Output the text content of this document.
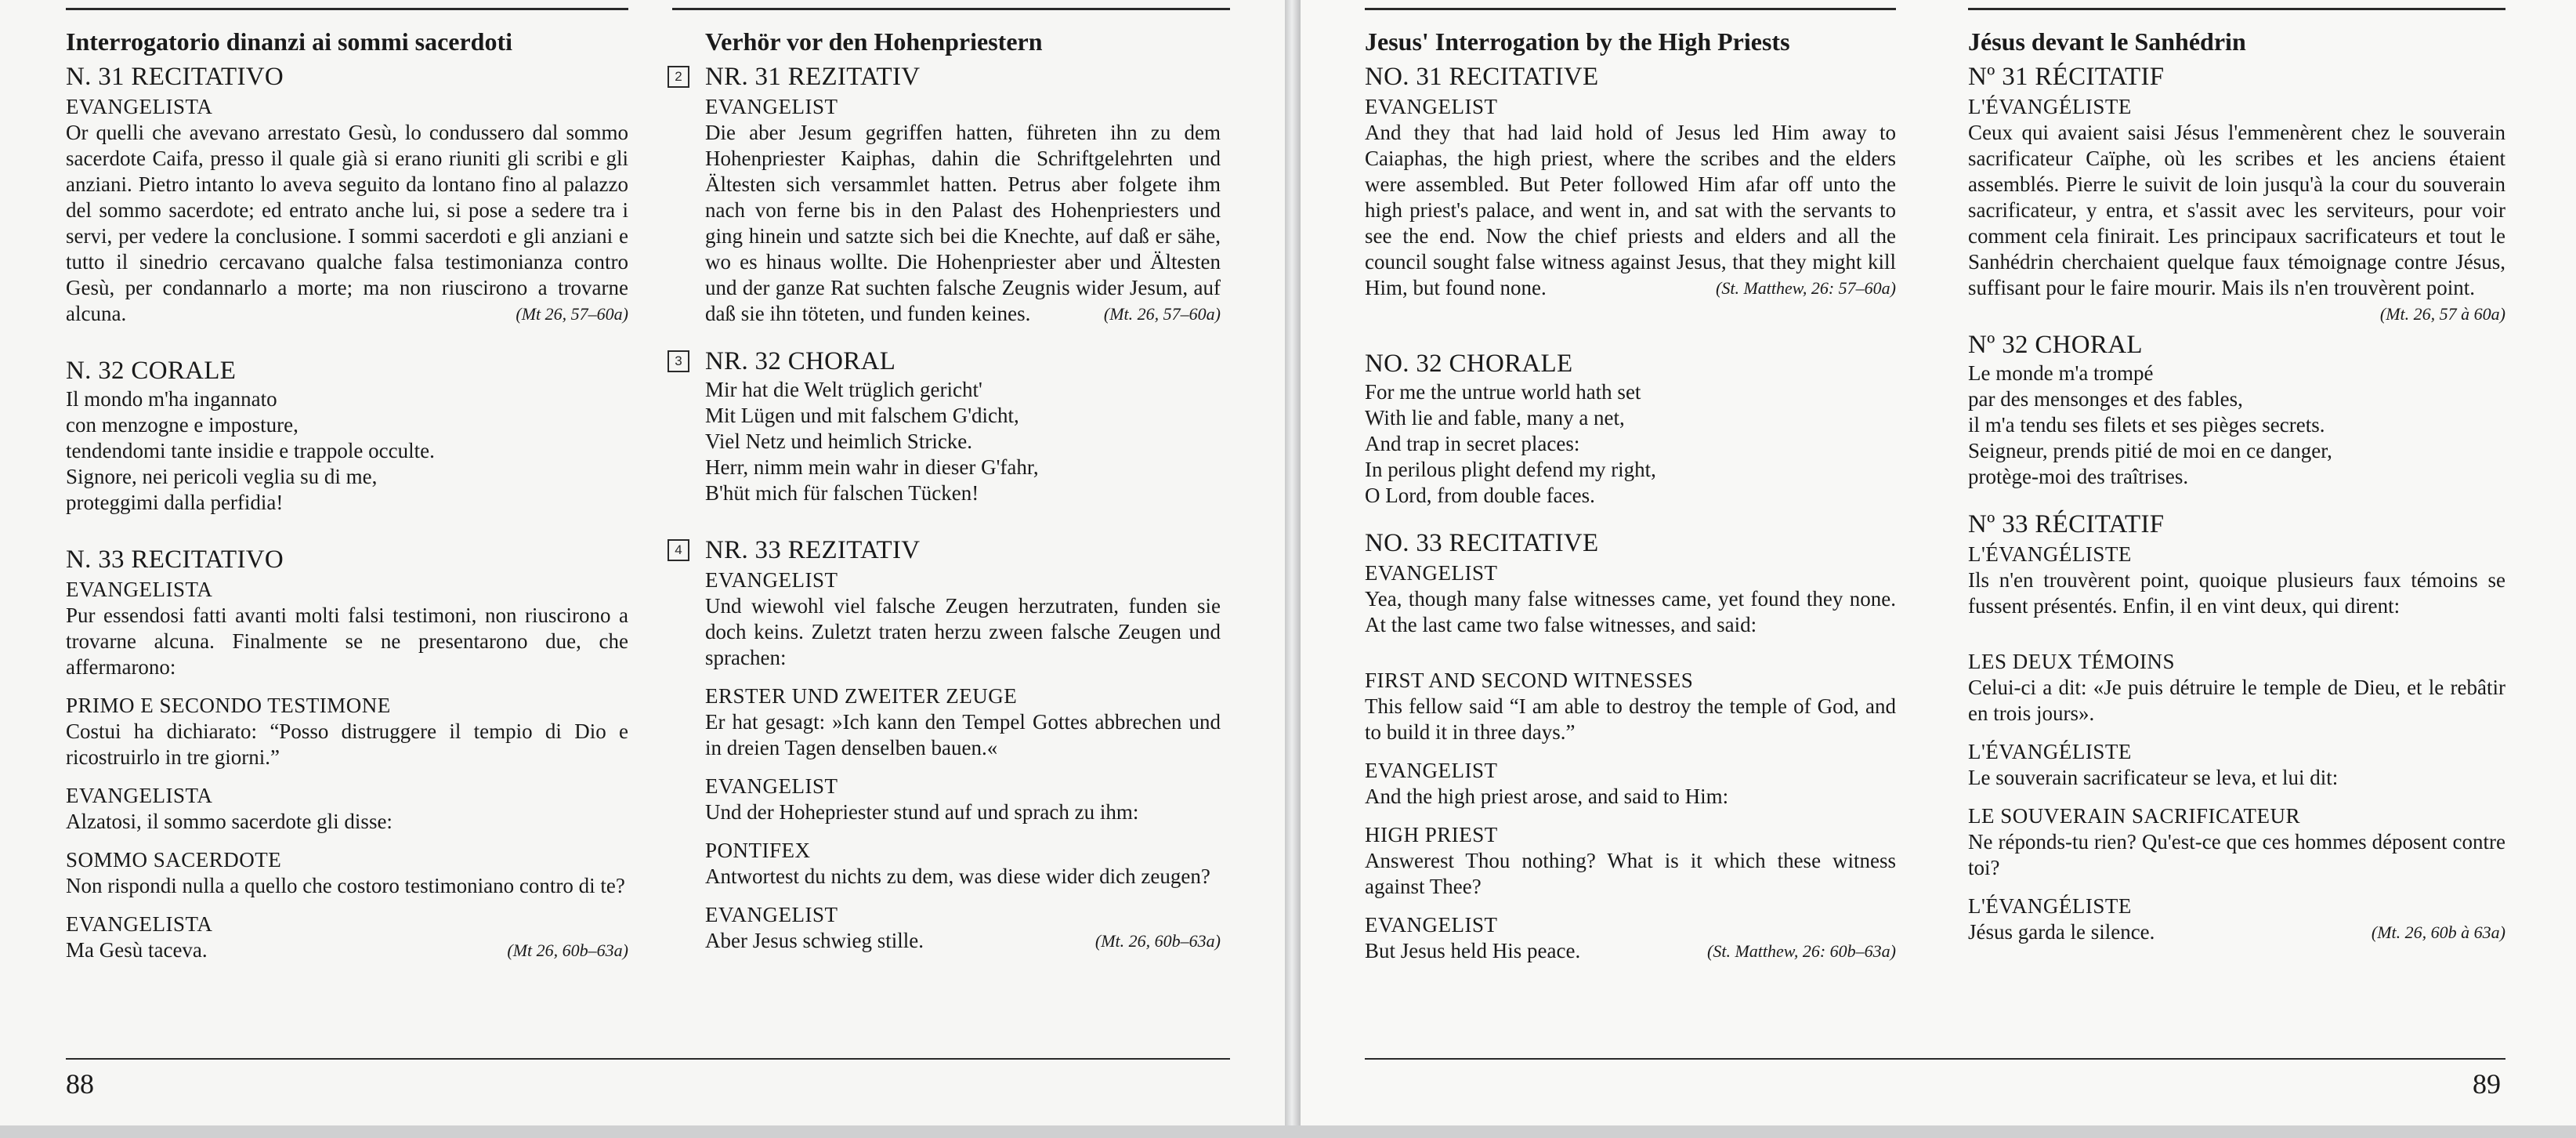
Interrogatorio dinanzi ai sommi sacerdoti
N. 31 RECITATIVO
EVANGELISTA
Or quelli che avevano arrestato Gesù, lo condussero dal sommo sacerdote Caifa, presso il quale già si erano riuniti gli scribi e gli anziani. Pietro intanto lo aveva seguito da lontano fino al palazzo del sommo sacerdote; ed entrato anche lui, si pose a sedere tra i servi, per vedere la conclusione. I sommi sacerdoti e gli anziani e tutto il sinedrio cercavano qualche falsa testimonianza contro Gesù, per condannarlo a morte; ma non riuscirono a trovarne alcuna.	(Mt 26, 57–60a)
N. 32 CORALE
Il mondo m'ha ingannato
con menzogne e imposture,
tendendomi tante insidie e trappole occulte.
Signore, nei pericoli veglia su di me,
proteggimi dalla perfidia!
N. 33 RECITATIVO
EVANGELISTA
Pur essendosi fatti avanti molti falsi testimoni, non riuscirono a trovarne alcuna. Finalmente se ne presentarono due, che affermarono:
PRIMO E SECONDO TESTIMONE
Costui ha dichiarato: “Posso distruggere il tempio di Dio e ricostruirlo in tre giorni.”
EVANGELISTA
Alzatosi, il sommo sacerdote gli disse:
SOMMO SACERDOTE
Non rispondi nulla a quello che costoro testimoniano contro di te?
EVANGELISTA
Ma Gesù taceva.	(Mt 26, 60b–63a)
Verhör vor den Hohenpriestern
2 NR. 31 REZITATIV
EVANGELIST
Die aber Jesum gegriffen hatten, führeten ihn zu dem Hohenpriester Kaiphas, dahin die Schriftgelehrten und Ältesten sich versammlet hatten. Petrus aber folgete ihm nach von ferne bis in den Palast des Hohenpriesters und ging hinein und satzte sich bei die Knechte, auf daß er sähe, wo es hinaus wollte. Die Hohenpriester aber und Ältesten und der ganze Rat suchten falsche Zeugnis wider Jesum, auf daß sie ihn töteten, und funden keines.	(Mt. 26, 57–60a)
3 NR. 32 CHORAL
Mir hat die Welt trüglich gericht'
Mit Lügen und mit falschem G'dicht,
Viel Netz und heimlich Stricke.
Herr, nimm mein wahr in dieser G'fahr,
B'hüt mich für falschen Tücken!
4 NR. 33 REZITATIV
EVANGELIST
Und wiewohl viel falsche Zeugen herzutraten, funden sie doch keins. Zuletzt traten herzu zween falsche Zeugen und sprachen:
ERSTER UND ZWEITER ZEUGE
Er hat gesagt: »Ich kann den Tempel Gottes abbrechen und in dreien Tagen denselben bauen.«
EVANGELIST
Und der Hohepriester stund auf und sprach zu ihm:
PONTIFEX
Antwortest du nichts zu dem, was diese wider dich zeugen?
EVANGELIST
Aber Jesus schwieg stille.	(Mt. 26, 60b–63a)
88
Jesus' Interrogation by the High Priests
NO. 31 RECITATIVE
EVANGELIST
And they that had laid hold of Jesus led Him away to Caiaphas, the high priest, where the scribes and the elders were assembled. But Peter followed Him afar off unto the high priest's palace, and went in, and sat with the servants to see the end. Now the chief priests and elders and all the council sought false witness against Jesus, that they might kill Him, but found none.	(St. Matthew, 26: 57–60a)
NO. 32 CHORALE
For me the untrue world hath set
With lie and fable, many a net,
And trap in secret places:
In perilous plight defend my right,
O Lord, from double faces.
NO. 33 RECITATIVE
EVANGELIST
Yea, though many false witnesses came, yet found they none. At the last came two false witnesses, and said:
FIRST AND SECOND WITNESSES
This fellow said “I am able to destroy the temple of God, and to build it in three days.”
EVANGELIST
And the high priest arose, and said to Him:
HIGH PRIEST
Answerest Thou nothing? What is it which these witness against Thee?
EVANGELIST
But Jesus held His peace.	(St. Matthew, 26: 60b–63a)
Jésus devant le Sanhédrin
Nº 31 RÉCITATIF
L'ÉVANGÉLISTE
Ceux qui avaient saisi Jésus l'emmenèrent chez le souverain sacrificateur Caïphe, où les scribes et les anciens étaient assemblés. Pierre le suivit de loin jusqu'à la cour du souverain sacrificateur, y entra, et s'assit avec les serviteurs, pour voir comment cela finirait. Les principaux sacrificateurs et tout le Sanhédrin cherchaient quelque faux témoignage contre Jésus, suffisant pour le faire mourir. Mais ils n'en trouvèrent point.
(Mt. 26, 57 à 60a)
Nº 32 CHORAL
Le monde m'a trompé
par des mensonges et des fables,
il m'a tendu ses filets et ses pièges secrets.
Seigneur, prends pitié de moi en ce danger,
protège-moi des traîtrises.
Nº 33 RÉCITATIF
L'ÉVANGÉLISTE
Ils n'en trouvèrent point, quoique plusieurs faux témoins se fussent présentés. Enfin, il en vint deux, qui dirent:
LES DEUX TÉMOINS
Celui-ci a dit: «Je puis détruire le temple de Dieu, et le rebâtir en trois jours».
L'ÉVANGÉLISTE
Le souverain sacrificateur se leva, et lui dit:
LE SOUVERAIN SACRIFICATEUR
Ne réponds-tu rien? Qu'est-ce que ces hommes déposent contre toi?
L'ÉVANGÉLISTE
Jésus garda le silence.	(Mt. 26, 60b à 63a)
89
